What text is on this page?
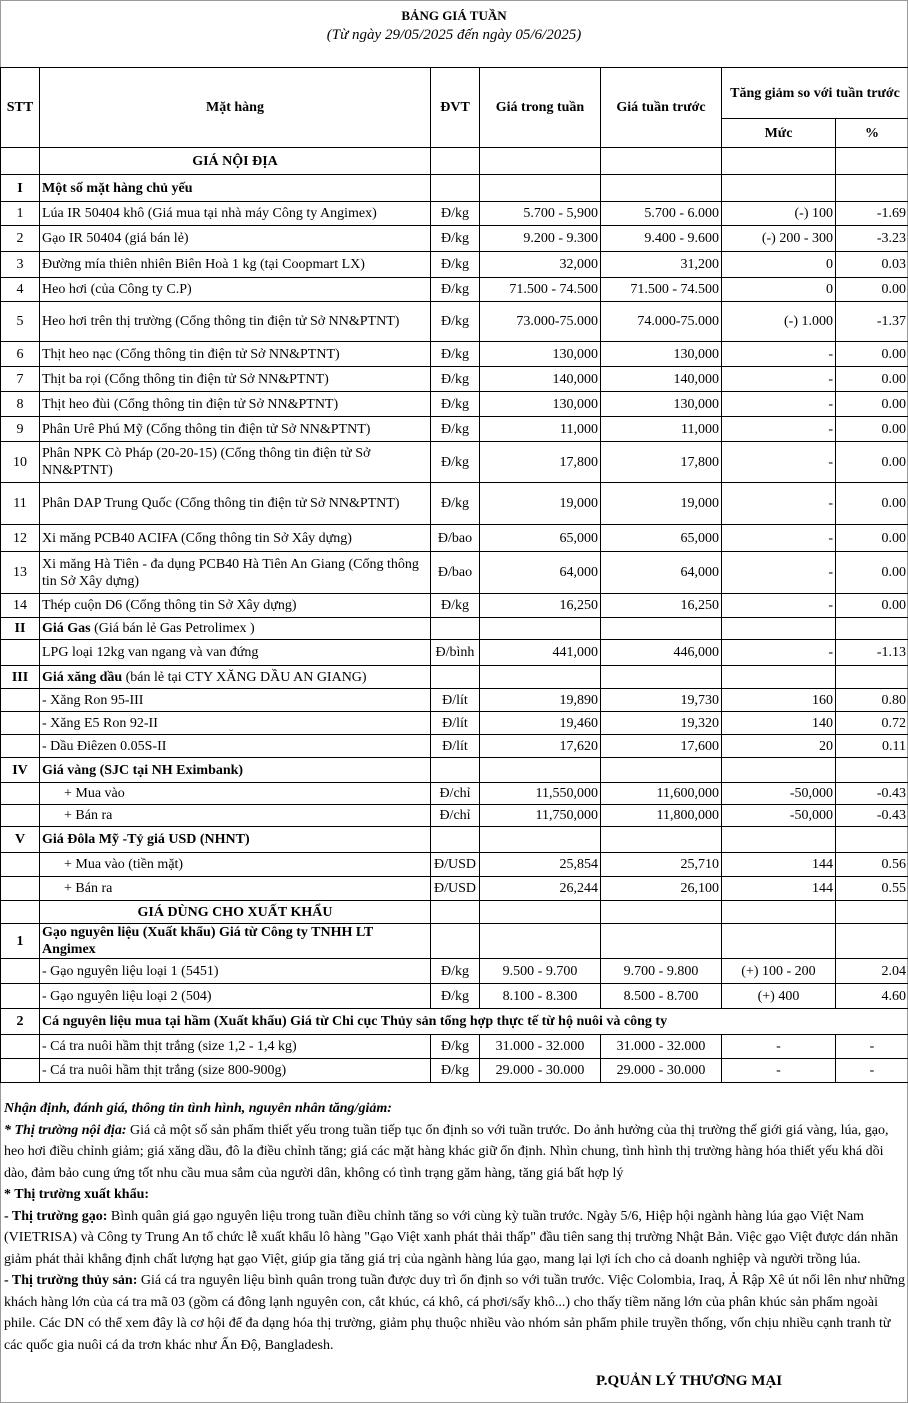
BẢNG GIÁ TUẦN
(Từ ngày 29/05/2025 đến ngày 05/6/2025)
STT	Mặt hàng	ĐVT	Giá trong tuần	Giá tuần trước	Tăng giảm so với tuần trước	
					Mức	%
	GIÁ NỘI ĐỊA					
I	Một số mặt hàng chủ yếu					
1	Lúa IR 50404 khô (Giá mua tại nhà máy Công ty Angimex)	Đ/kg	5.700 - 5,900	5.700 - 6.000	(-) 100	-1.69
2	Gạo IR 50404 (giá bán lẻ)	Đ/kg	9.200 - 9.300	9.400 - 9.600	(-) 200 - 300	-3.23
3	Đường mía thiên nhiên Biên Hoà 1 kg (tại Coopmart LX)	Đ/kg	32,000	31,200	0	0.03
4	Heo hơi (của Công ty C.P)	Đ/kg	71.500 - 74.500	71.500 - 74.500	0	0.00
5	Heo hơi trên thị trường (Cổng thông tin điện tử Sở NN&PTNT)	Đ/kg	73.000-75.000	74.000-75.000	(-) 1.000	-1.37
6	Thịt heo nạc (Cổng thông tin điện tử Sở NN&PTNT)	Đ/kg	130,000	130,000	-	0.00
7	Thịt ba rọi (Cổng thông tin điện tử Sở NN&PTNT)	Đ/kg	140,000	140,000	-	0.00
8	Thịt heo đùi (Cổng thông tin điện tử Sở NN&PTNT)	Đ/kg	130,000	130,000	-	0.00
9	Phân Urê Phú Mỹ (Cổng thông tin điện tử Sở NN&PTNT)	Đ/kg	11,000	11,000	-	0.00
10	Phân NPK Cò Pháp (20-20-15) (Cổng thông tin điện tử Sở NN&PTNT)	Đ/kg	17,800	17,800	-	0.00
11	Phân DAP Trung Quốc (Cổng thông tin điện tử Sở NN&PTNT)	Đ/kg	19,000	19,000	-	0.00
12	Xi măng PCB40 ACIFA (Cổng thông tin Sở Xây dựng)	Đ/bao	65,000	65,000	-	0.00
13	Xi măng Hà Tiên - đa dụng PCB40 Hà Tiên An Giang (Cổng thông tin Sở Xây dựng)	Đ/bao	64,000	64,000	-	0.00
14	Thép cuộn D6 (Cổng thông tin Sở Xây dựng)	Đ/kg	16,250	16,250	-	0.00
II	Giá Gas (Giá bán lẻ Gas Petrolimex )					
	LPG loại 12kg van ngang và van đứng	Đ/bình	441,000	446,000	-	-1.13
III	Giá xăng dầu (bán lẻ tại CTY XĂNG DẦU AN GIANG)					
	- Xăng Ron 95-III	Đ/lít	19,890	19,730	160	0.80
	- Xăng E5 Ron 92-II	Đ/lít	19,460	19,320	140	0.72
	- Dầu Điêzen 0.05S-II	Đ/lít	17,620	17,600	20	0.11
IV	Giá vàng (SJC tại NH Eximbank)					
	+ Mua vào	Đ/chỉ	11,550,000	11,600,000	-50,000	-0.43
	+ Bán ra	Đ/chỉ	11,750,000	11,800,000	-50,000	-0.43
V	Giá Đôla Mỹ -Tỷ giá USD (NHNT)					
	+ Mua vào (tiền mặt)	Đ/USD	25,854	25,710	144	0.56
	+ Bán ra	Đ/USD	26,244	26,100	144	0.55
	GIÁ DÙNG CHO XUẤT KHẨU					
1	Gạo nguyên liệu (Xuất khẩu) Giá từ Công ty TNHH LT Angimex					
	- Gạo nguyên liệu loại 1 (5451)	Đ/kg	9.500 - 9.700	9.700 - 9.800	(+) 100 - 200	2.04
	- Gạo nguyên liệu loại 2 (504)	Đ/kg	8.100 - 8.300	8.500 - 8.700	(+) 400	4.60
2	Cá nguyên liệu mua tại hầm (Xuất khẩu) Giá từ Chi cục Thủy sản tổng hợp thực tế từ hộ nuôi và công ty					
	- Cá tra nuôi hầm thịt trắng (size 1,2 - 1,4 kg)	Đ/kg	31.000 - 32.000	31.000 - 32.000	-	-
	- Cá tra nuôi hầm thịt trắng (size 800-900g)	Đ/kg	29.000 - 30.000	29.000 - 30.000	-	-

Nhận định, đánh giá, thông tin tình hình, nguyên nhân tăng/giảm:

* Thị trường nội địa: Giá cả một số sản phẩm thiết yếu trong tuần tiếp tục ổn định so với tuần trước. Do ảnh hưởng của thị trường thế giới giá vàng, lúa, gạo, heo hơi điều chỉnh giảm; giá xăng dầu, đô la điều chỉnh tăng; giá các mặt hàng khác giữ ổn định. Nhìn chung, tình hình thị trường hàng hóa thiết yếu khá dồi dào, đảm bảo cung ứng tốt nhu cầu mua sắm của người dân, không có tình trạng găm hàng, tăng giá bất hợp lý

* Thị trường xuất khẩu:

- Thị trường gạo: Bình quân giá gạo nguyên liệu trong tuần điều chỉnh tăng so với cùng kỳ tuần trước. Ngày 5/6, Hiệp hội ngành hàng lúa gạo Việt Nam (VIETRISA) và Công ty Trung An tổ chức lễ xuất khẩu lô hàng "Gạo Việt xanh phát thải thấp" đầu tiên sang thị trường Nhật Bản. Việc gạo Việt được dán nhãn giảm phát thải khẳng định chất lượng hạt gạo Việt, giúp gia tăng giá trị của ngành hàng lúa gạo, mang lại lợi ích cho cả doanh nghiệp và người trồng lúa.

- Thị trường thủy sản: Giá cá tra nguyên liệu bình quân trong tuần được duy trì ổn định so với tuần trước. Việc Colombia, Iraq, Ả Rập Xê út nổi lên như những khách hàng lớn của cá tra mã 03 (gồm cá đông lạnh nguyên con, cắt khúc, cá khô, cá phơi/sấy khô...) cho thấy tiềm năng lớn của phân khúc sản phẩm ngoài phile. Các DN có thể xem đây là cơ hội để đa dạng hóa thị trường, giảm phụ thuộc nhiều vào nhóm sản phẩm phile truyền thống, vốn chịu nhiều cạnh tranh từ các quốc gia nuôi cá da trơn khác như Ấn Độ, Bangladesh.

P.QUẢN LÝ THƯƠNG MẠI
